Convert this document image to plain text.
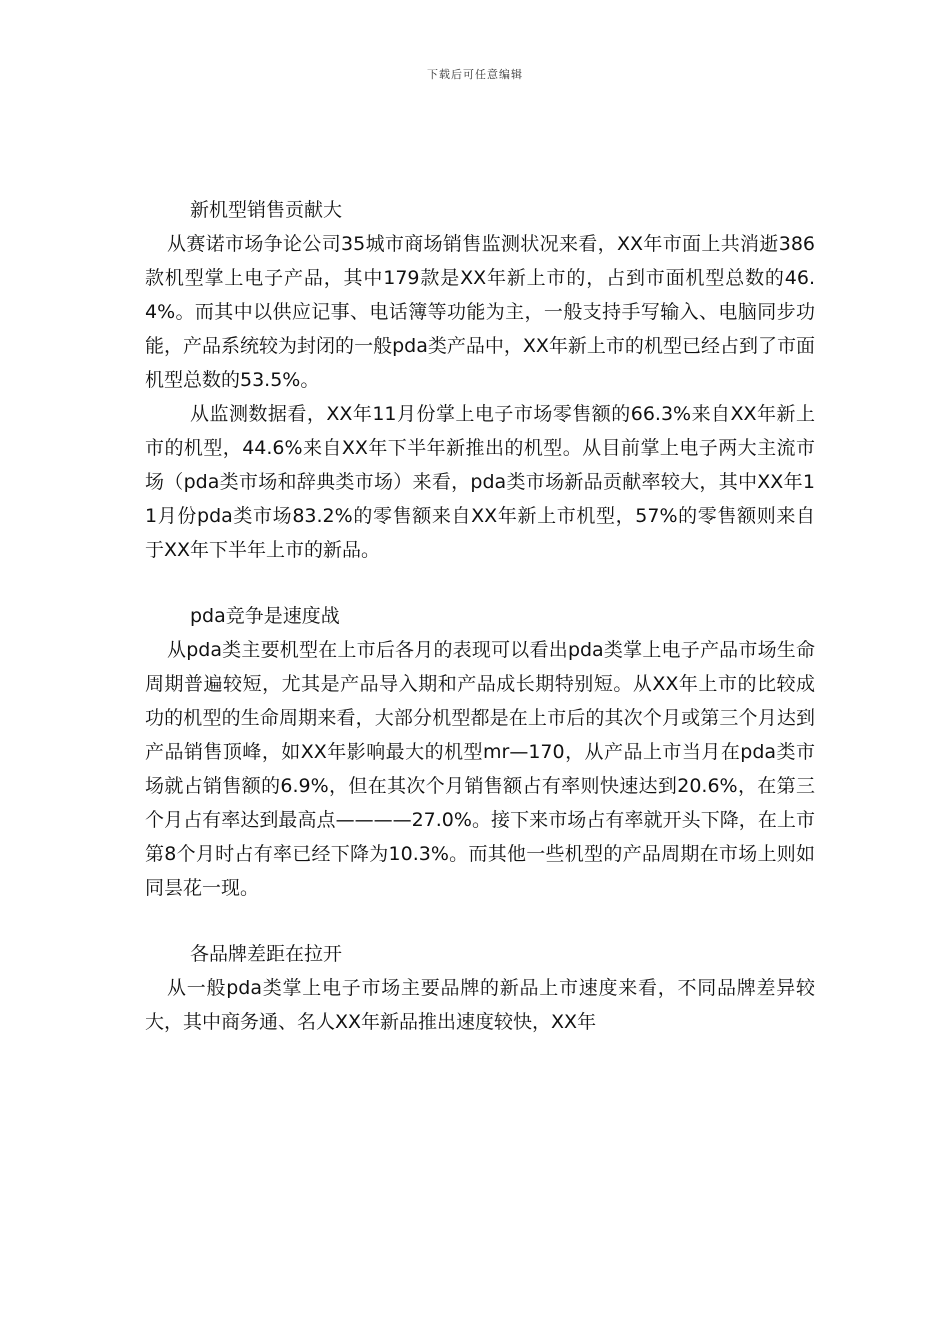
下载后可任意编辑

新机型销售贡献大

从赛诺市场争论公司35城市商场销售监测状况来看，XX年市面上共消逝386款机型掌上电子产品，其中179款是XX年新上市的，占到市面机型总数的46.4%。而其中以供应记事、电话簿等功能为主，一般支持手写输入、电脑同步功能，产品系统较为封闭的一般pda类产品中，XX年新上市的机型已经占到了市面机型总数的53.5%。

从监测数据看，XX年11月份掌上电子市场零售额的66.3%来自XX年新上市的机型，44.6%来自XX年下半年新推出的机型。从目前掌上电子两大主流市场（pda类市场和辞典类市场）来看，pda类市场新品贡献率较大，其中XX年11月份pda类市场83.2%的零售额来自XX年新上市机型，57%的零售额则来自于XX年下半年上市的新品。

pda竞争是速度战

从pda类主要机型在上市后各月的表现可以看出pda类掌上电子产品市场生命周期普遍较短，尤其是产品导入期和产品成长期特别短。从XX年上市的比较成功的机型的生命周期来看，大部分机型都是在上市后的其次个月或第三个月达到产品销售顶峰，如XX年影响最大的机型mr—170，从产品上市当月在pda类市场就占销售额的6.9%，但在其次个月销售额占有率则快速达到20.6%，在第三个月占有率达到最高点————27.0%。接下来市场占有率就开头下降，在上市第8个月时占有率已经下降为10.3%。而其他一些机型的产品周期在市场上则如同昙花一现。

各品牌差距在拉开

从一般pda类掌上电子市场主要品牌的新品上市速度来看，不同品牌差异较大，其中商务通、名人XX年新品推出速度较快，XX年
